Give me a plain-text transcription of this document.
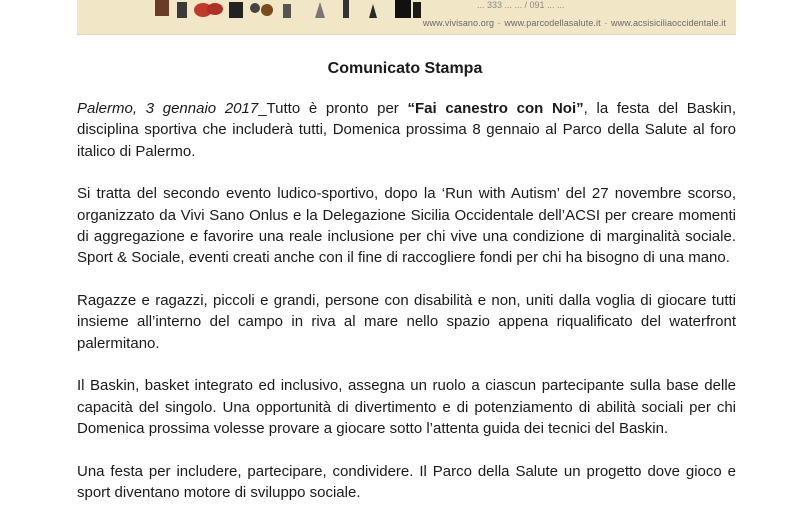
... 333 ... ... / 091 ... ...
www.vivisano.org - www.parcodellasalute.it - www.acsisiciliaoccidentale.it
Comunicato Stampa

Palermo, 3 gennaio 2017_Tutto è pronto per “Fai canestro con Noi”, la festa del Baskin, disciplina sportiva che includerà tutti, Domenica prossima 8 gennaio al Parco della Salute al foro italico di Palermo.

Si tratta del secondo evento ludico-sportivo, dopo la ‘Run with Autism’ del 27 novembre scorso, organizzato da Vivi Sano Onlus e la Delegazione Sicilia Occidentale dell’ACSI per creare momenti di aggregazione e favorire una reale inclusione per chi vive una condizione di marginalità sociale. Sport & Sociale, eventi creati anche con il fine di raccogliere fondi per chi ha bisogno di una mano.

Ragazze e ragazzi, piccoli e grandi, persone con disabilità e non, uniti dalla voglia di giocare tutti insieme all’interno del campo in riva al mare nello spazio appena riqualificato del waterfront palermitano.

Il Baskin, basket integrato ed inclusivo, assegna un ruolo a ciascun partecipante sulla base delle capacità del singolo. Una opportunità di divertimento e di potenziamento di abilità sociali per chi Domenica prossima volesse provare a giocare sotto l’attenta guida dei tecnici del Baskin.

Una festa per includere, partecipare, condividere. Il Parco della Salute un progetto dove gioco e sport diventano motore di sviluppo sociale.
